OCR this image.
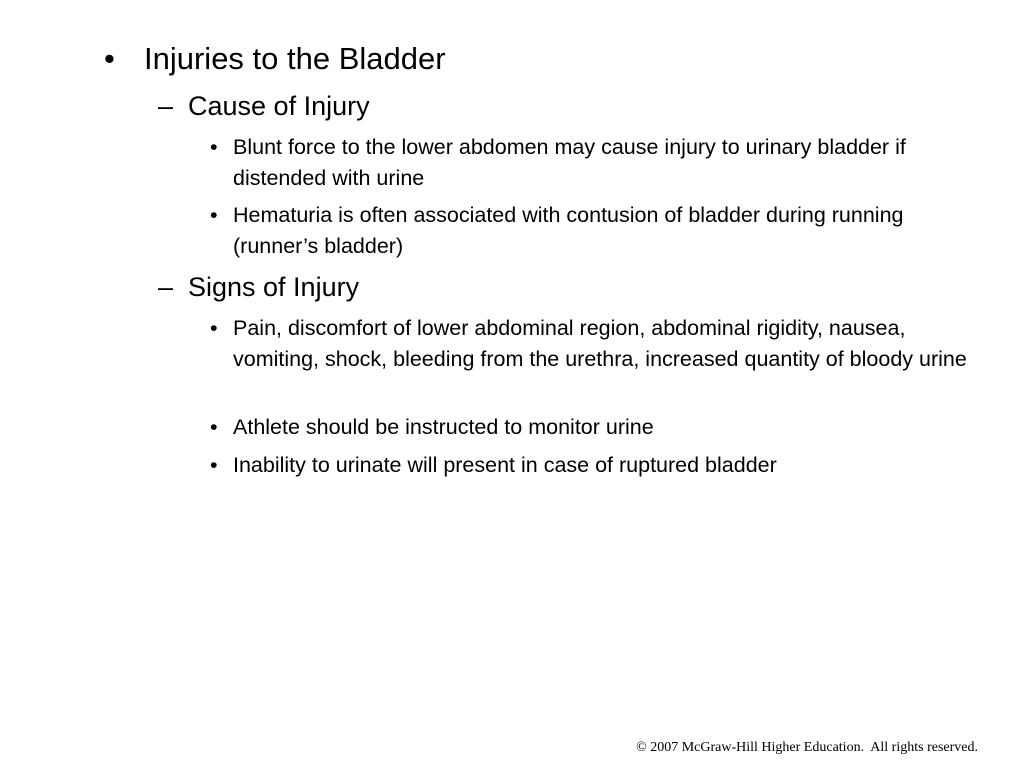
• Injuries to the Bladder
– Cause of Injury
• Blunt force to the lower abdomen may cause injury to urinary bladder if distended with urine
• Hematuria is often associated with contusion of bladder during running (runner’s bladder)
– Signs of Injury
• Pain, discomfort of lower abdominal region, abdominal rigidity, nausea, vomiting, shock, bleeding from the urethra, increased quantity of bloody urine
• Athlete should be instructed to monitor urine
• Inability to urinate will present in case of ruptured bladder
© 2007 McGraw-Hill Higher Education.  All rights reserved.
